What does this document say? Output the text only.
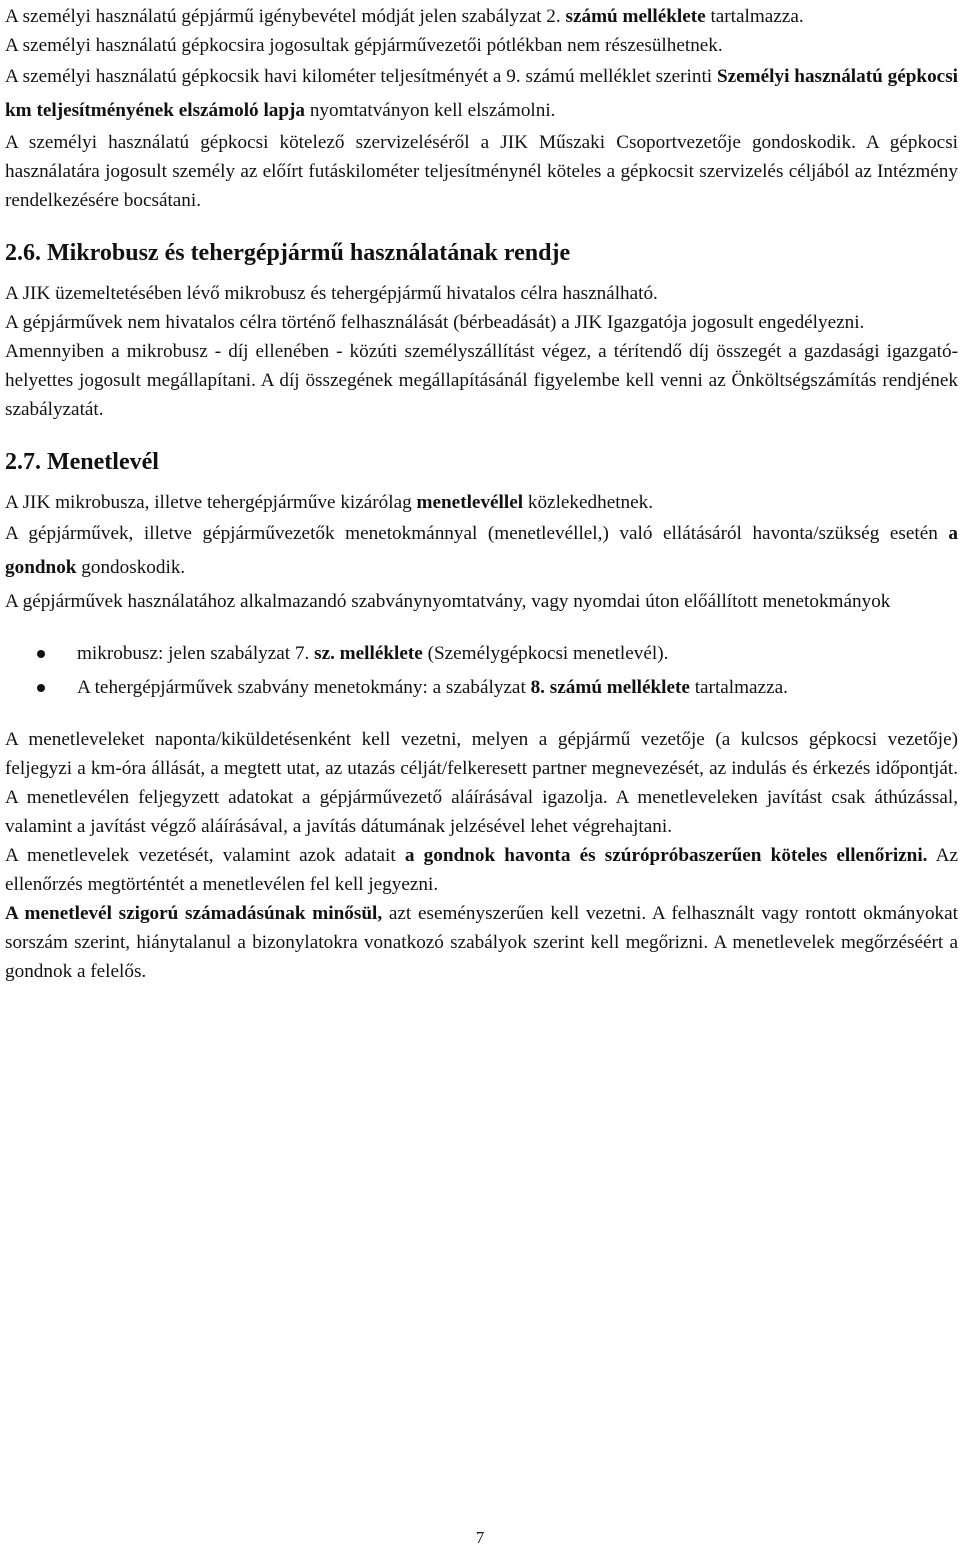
A személyi használatú gépjármű igénybevétel módját jelen szabályzat 2. számú melléklete tartalmazza.

A személyi használatú gépkocsira jogosultak gépjárművezetői pótlékban nem részesülhetnek.

A személyi használatú gépkocsik havi kilométer teljesítményét a 9. számú melléklet szerinti Személyi használatú gépkocsi km teljesítményének elszámoló lapja nyomtatványon kell elszámolni.

A személyi használatú gépkocsi kötelező szervizeléséről a JIK Műszaki Csoportvezetője gondoskodik. A gépkocsi használatára jogosult személy az előírt futáskilométer teljesítménynél köteles a gépkocsit szervizelés céljából az Intézmény rendelkezésére bocsátani.

2.6. Mikrobusz és tehergépjármű használatának rendje

A JIK üzemeltetésében lévő mikrobusz és tehergépjármű hivatalos célra használható.

A gépjárművek nem hivatalos célra történő felhasználását (bérbeadását) a JIK Igazgatója jogosult engedélyezni.

Amennyiben a mikrobusz - díj ellenében - közúti személyszállítást végez, a térítendő díj összegét a gazdasági igazgató-helyettes jogosult megállapítani. A díj összegének megállapításánál figyelembe kell venni az Önköltségszámítás rendjének szabályzatát.

2.7. Menetlevél

A JIK mikrobusza, illetve tehergépjárműve kizárólag menetlevéllel közlekedhetnek.

A gépjárművek, illetve gépjárművezetők menetokmánnyal (menetlevéllel,) való ellátásáról havonta/szükség esetén a gondnok gondoskodik.

A gépjárművek használatához alkalmazandó szabványnyomtatvány, vagy nyomdai úton előállított menetokmányok

mikrobusz: jelen szabályzat 7. sz. melléklete (Személygépkocsi menetlevél).
A tehergépjárművek szabvány menetokmány: a szabályzat 8. számú melléklete tartalmazza.

A menetleveleket naponta/kiküldetésenként kell vezetni, melyen a gépjármű vezetője (a kulcsos gépkocsi vezetője) feljegyzi a km-óra állását, a megtett utat, az utazás célját/felkeresett partner megnevezését, az indulás és érkezés időpontját. A menetlevélen feljegyzett adatokat a gépjárművezető aláírásával igazolja. A menetleveleken javítást csak áthúzással, valamint a javítást végző aláírásával, a javítás dátumának jelzésével lehet végrehajtani.

A menetlevelek vezetését, valamint azok adatait a gondnok havonta és szúrópróbaszerűen köteles ellenőrizni. Az ellenőrzés megtörténtét a menetlevélen fel kell jegyezni.

A menetlevél szigorú számadásúnak minősül, azt eseményszerűen kell vezetni. A felhasznált vagy rontott okmányokat sorszám szerint, hiánytalanul a bizonylatokra vonatkozó szabályok szerint kell megőrizni. A menetlevelek megőrzéséért a gondnok a felelős.

7
